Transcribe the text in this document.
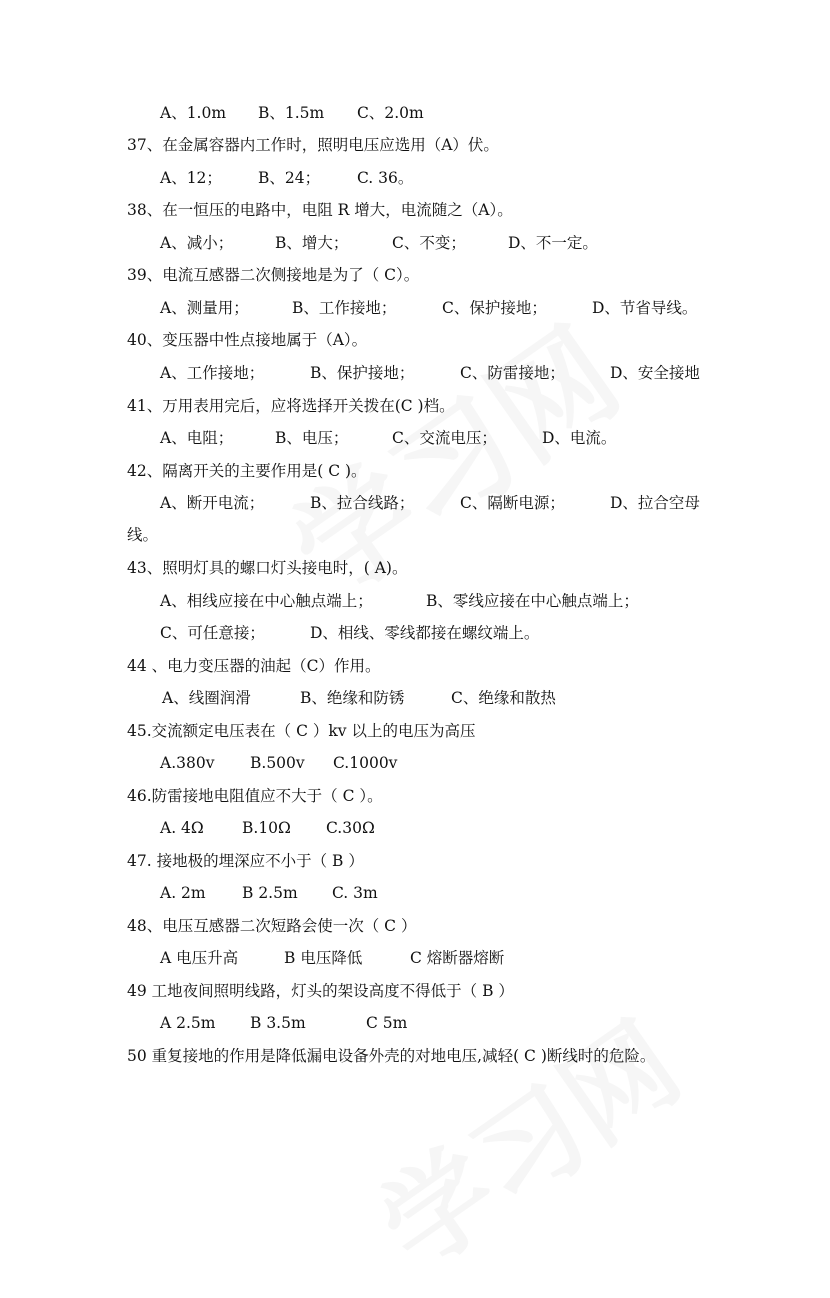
A、1.0m B、1.5m C、2.0m
37、在金属容器内工作时，照明电压应选用（A）伏。
A、12； B、24； C. 36。
38、在一恒压的电路中，电阻 R 增大，电流随之（A）。
A、减小；	B、增大；	C、不变；	D、不一定。
39、电流互感器二次侧接地是为了（ C）。
A、测量用；	B、工作接地；	C、保护接地；	D、节省导线。
40、变压器中性点接地属于（A）。
A、工作接地；	B、保护接地；	C、防雷接地；	D、安全接地
41、万用表用完后，应将选择开关拨在(C )档。
A、电阻；	B、电压；	C、交流电压；	D、电流。
42、隔离开关的主要作用是( C )。
A、断开电流；	B、拉合线路；	C、隔断电源；	D、拉合空母
线。
43、照明灯具的螺口灯头接电时，( A)。
A、相线应接在中心触点端上；	B、零线应接在中心触点端上；
C、可任意接；	D、相线、零线都接在螺纹端上。
44 、电力变压器的油起（C）作用。
A、线圈润滑	B、绝缘和防锈	C、绝缘和散热
45.交流额定电压表在（ C ）kv 以上的电压为高压
A.380v B.500v C.1000v
46.防雷接地电阻值应不大于（ C ）。
A. 4Ω B.10Ω C.30Ω
47. 接地极的埋深应不小于（ B ）
A. 2m B 2.5m C. 3m
48、电压互感器二次短路会使一次（ C ）
A 电压升高	B 电压降低	C 熔断器熔断
49 工地夜间照明线路，灯头的架设高度不得低于（ B ）
A 2.5m B 3.5m	C 5m
50 重复接地的作用是降低漏电设备外壳的对地电压,减轻( C )断线时的危险。
